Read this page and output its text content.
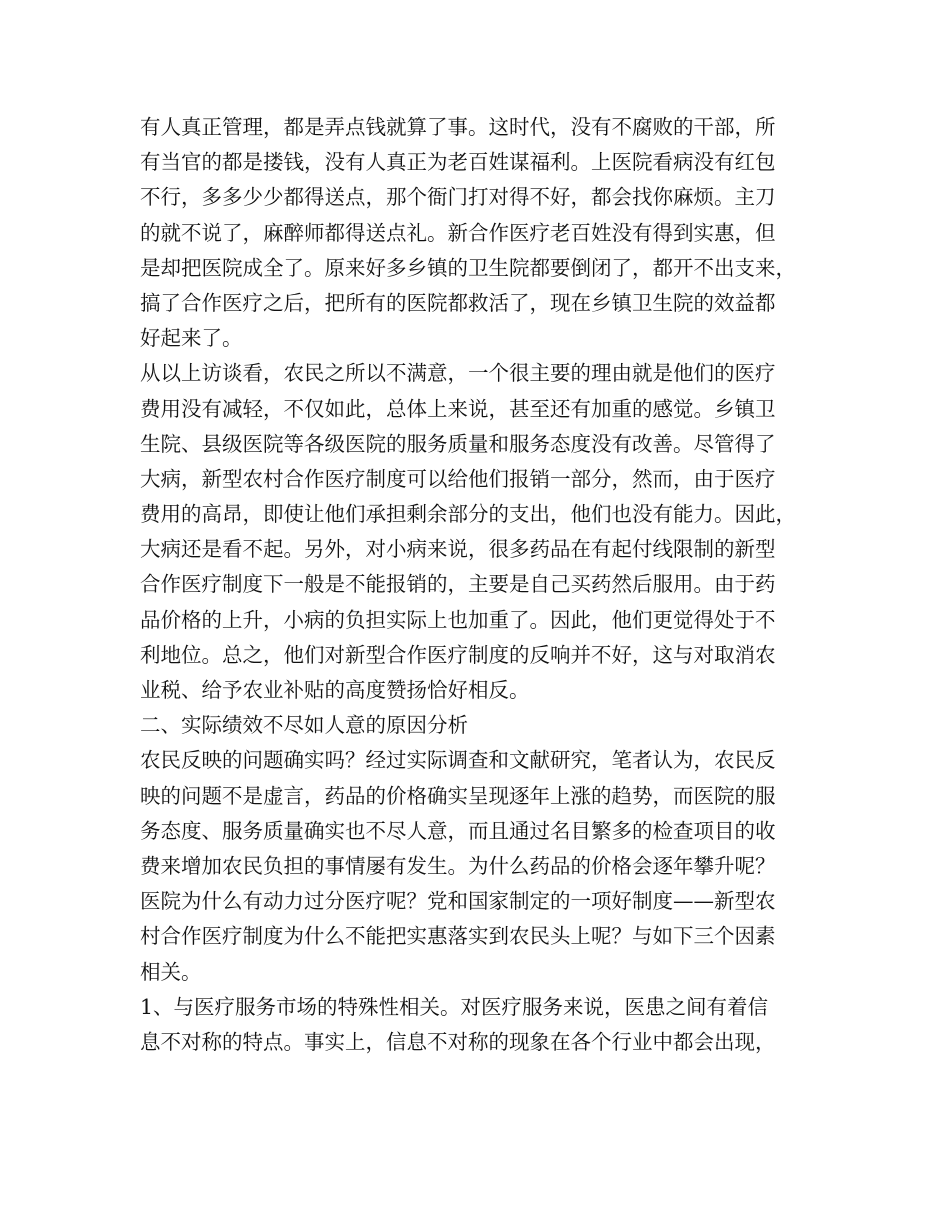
有人真正管理，都是弄点钱就算了事。这时代，没有不腐败的干部，所
有当官的都是搂钱，没有人真正为老百姓谋福利。上医院看病没有红包
不行，多多少少都得送点，那个衙门打对得不好，都会找你麻烦。主刀
的就不说了，麻醉师都得送点礼。新合作医疗老百姓没有得到实惠，但
是却把医院成全了。原来好多乡镇的卫生院都要倒闭了，都开不出支来，
搞了合作医疗之后，把所有的医院都救活了，现在乡镇卫生院的效益都
好起来了。
从以上访谈看，农民之所以不满意，一个很主要的理由就是他们的医疗
费用没有减轻，不仅如此，总体上来说，甚至还有加重的感觉。乡镇卫
生院、县级医院等各级医院的服务质量和服务态度没有改善。尽管得了
大病，新型农村合作医疗制度可以给他们报销一部分，然而，由于医疗
费用的高昂，即使让他们承担剩余部分的支出，他们也没有能力。因此，
大病还是看不起。另外，对小病来说，很多药品在有起付线限制的新型
合作医疗制度下一般是不能报销的，主要是自己买药然后服用。由于药
品价格的上升，小病的负担实际上也加重了。因此，他们更觉得处于不
利地位。总之，他们对新型合作医疗制度的反响并不好，这与对取消农
业税、给予农业补贴的高度赞扬恰好相反。
二、实际绩效不尽如人意的原因分析
农民反映的问题确实吗？经过实际调查和文献研究，笔者认为，农民反
映的问题不是虚言，药品的价格确实呈现逐年上涨的趋势，而医院的服
务态度、服务质量确实也不尽人意，而且通过名目繁多的检查项目的收
费来增加农民负担的事情屡有发生。为什么药品的价格会逐年攀升呢？
医院为什么有动力过分医疗呢？党和国家制定的一项好制度——新型农
村合作医疗制度为什么不能把实惠落实到农民头上呢？与如下三个因素
相关。
1、与医疗服务市场的特殊性相关。对医疗服务来说，医患之间有着信
息不对称的特点。事实上，信息不对称的现象在各个行业中都会出现，
